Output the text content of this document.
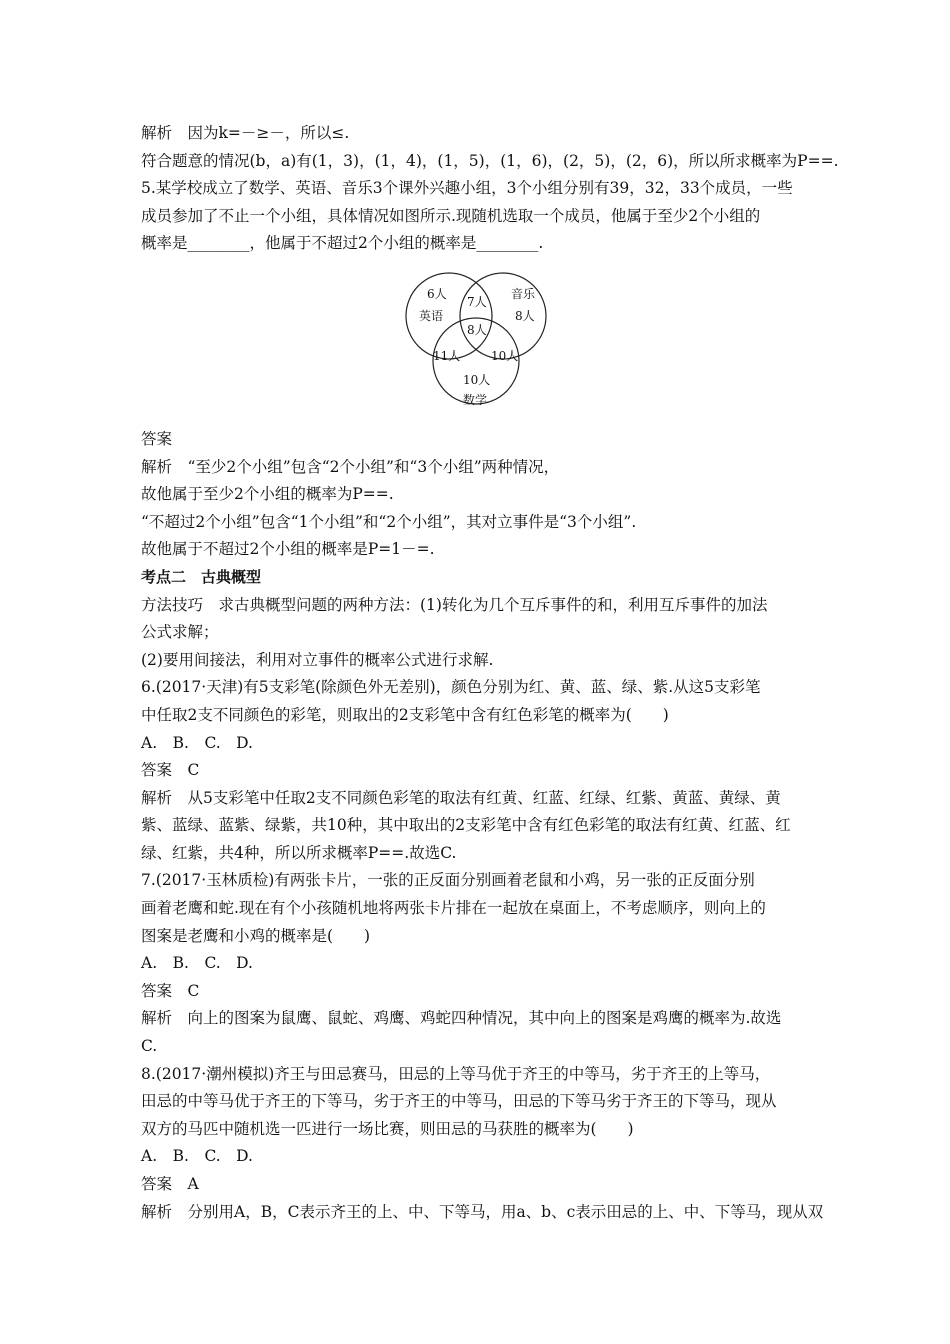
解析　因为k=－≥－，所以≤.
符合题意的情况(b，a)有(1，3)，(1，4)，(1，5)，(1，6)，(2，5)，(2，6)，所以所求概率为P==.
5.某学校成立了数学、英语、音乐3个课外兴趣小组，3个小组分别有39，32，33个成员，一些
成员参加了不止一个小组，具体情况如图所示.现随机选取一个成员，他属于至少2个小组的
概率是________，他属于不超过2个小组的概率是________.
6人
英语
音乐
8人
7人
8人
11人	10人
10人
数学
答案
解析　“至少2个小组”包含“2个小组”和“3个小组”两种情况，
故他属于至少2个小组的概率为P==.
“不超过2个小组”包含“1个小组”和“2个小组”，其对立事件是“3个小组”.
故他属于不超过2个小组的概率是P=1－=.
考点二　古典概型
方法技巧　求古典概型问题的两种方法：(1)转化为几个互斥事件的和，利用互斥事件的加法
公式求解；
(2)要用间接法，利用对立事件的概率公式进行求解.
6.(2017·天津)有5支彩笔(除颜色外无差别)，颜色分别为红、黄、蓝、绿、紫.从这5支彩笔
中任取2支不同颜色的彩笔，则取出的2支彩笔中含有红色彩笔的概率为(　　)
A.　B.　C.　D.
答案　C
解析　从5支彩笔中任取2支不同颜色彩笔的取法有红黄、红蓝、红绿、红紫、黄蓝、黄绿、黄
紫、蓝绿、蓝紫、绿紫，共10种，其中取出的2支彩笔中含有红色彩笔的取法有红黄、红蓝、红
绿、红紫，共4种，所以所求概率P==.故选C.
7.(2017·玉林质检)有两张卡片，一张的正反面分别画着老鼠和小鸡，另一张的正反面分别
画着老鹰和蛇.现在有个小孩随机地将两张卡片排在一起放在桌面上，不考虑顺序，则向上的
图案是老鹰和小鸡的概率是(　　)
A.　B.　C.　D.
答案　C
解析　向上的图案为鼠鹰、鼠蛇、鸡鹰、鸡蛇四种情况，其中向上的图案是鸡鹰的概率为.故选
C.
8.(2017·潮州模拟)齐王与田忌赛马，田忌的上等马优于齐王的中等马，劣于齐王的上等马，
田忌的中等马优于齐王的下等马，劣于齐王的中等马，田忌的下等马劣于齐王的下等马，现从
双方的马匹中随机选一匹进行一场比赛，则田忌的马获胜的概率为(　　)
A.　B.　C.　D.
答案　A
解析　分别用A，B，C表示齐王的上、中、下等马，用a、b、c表示田忌的上、中、下等马，现从双
